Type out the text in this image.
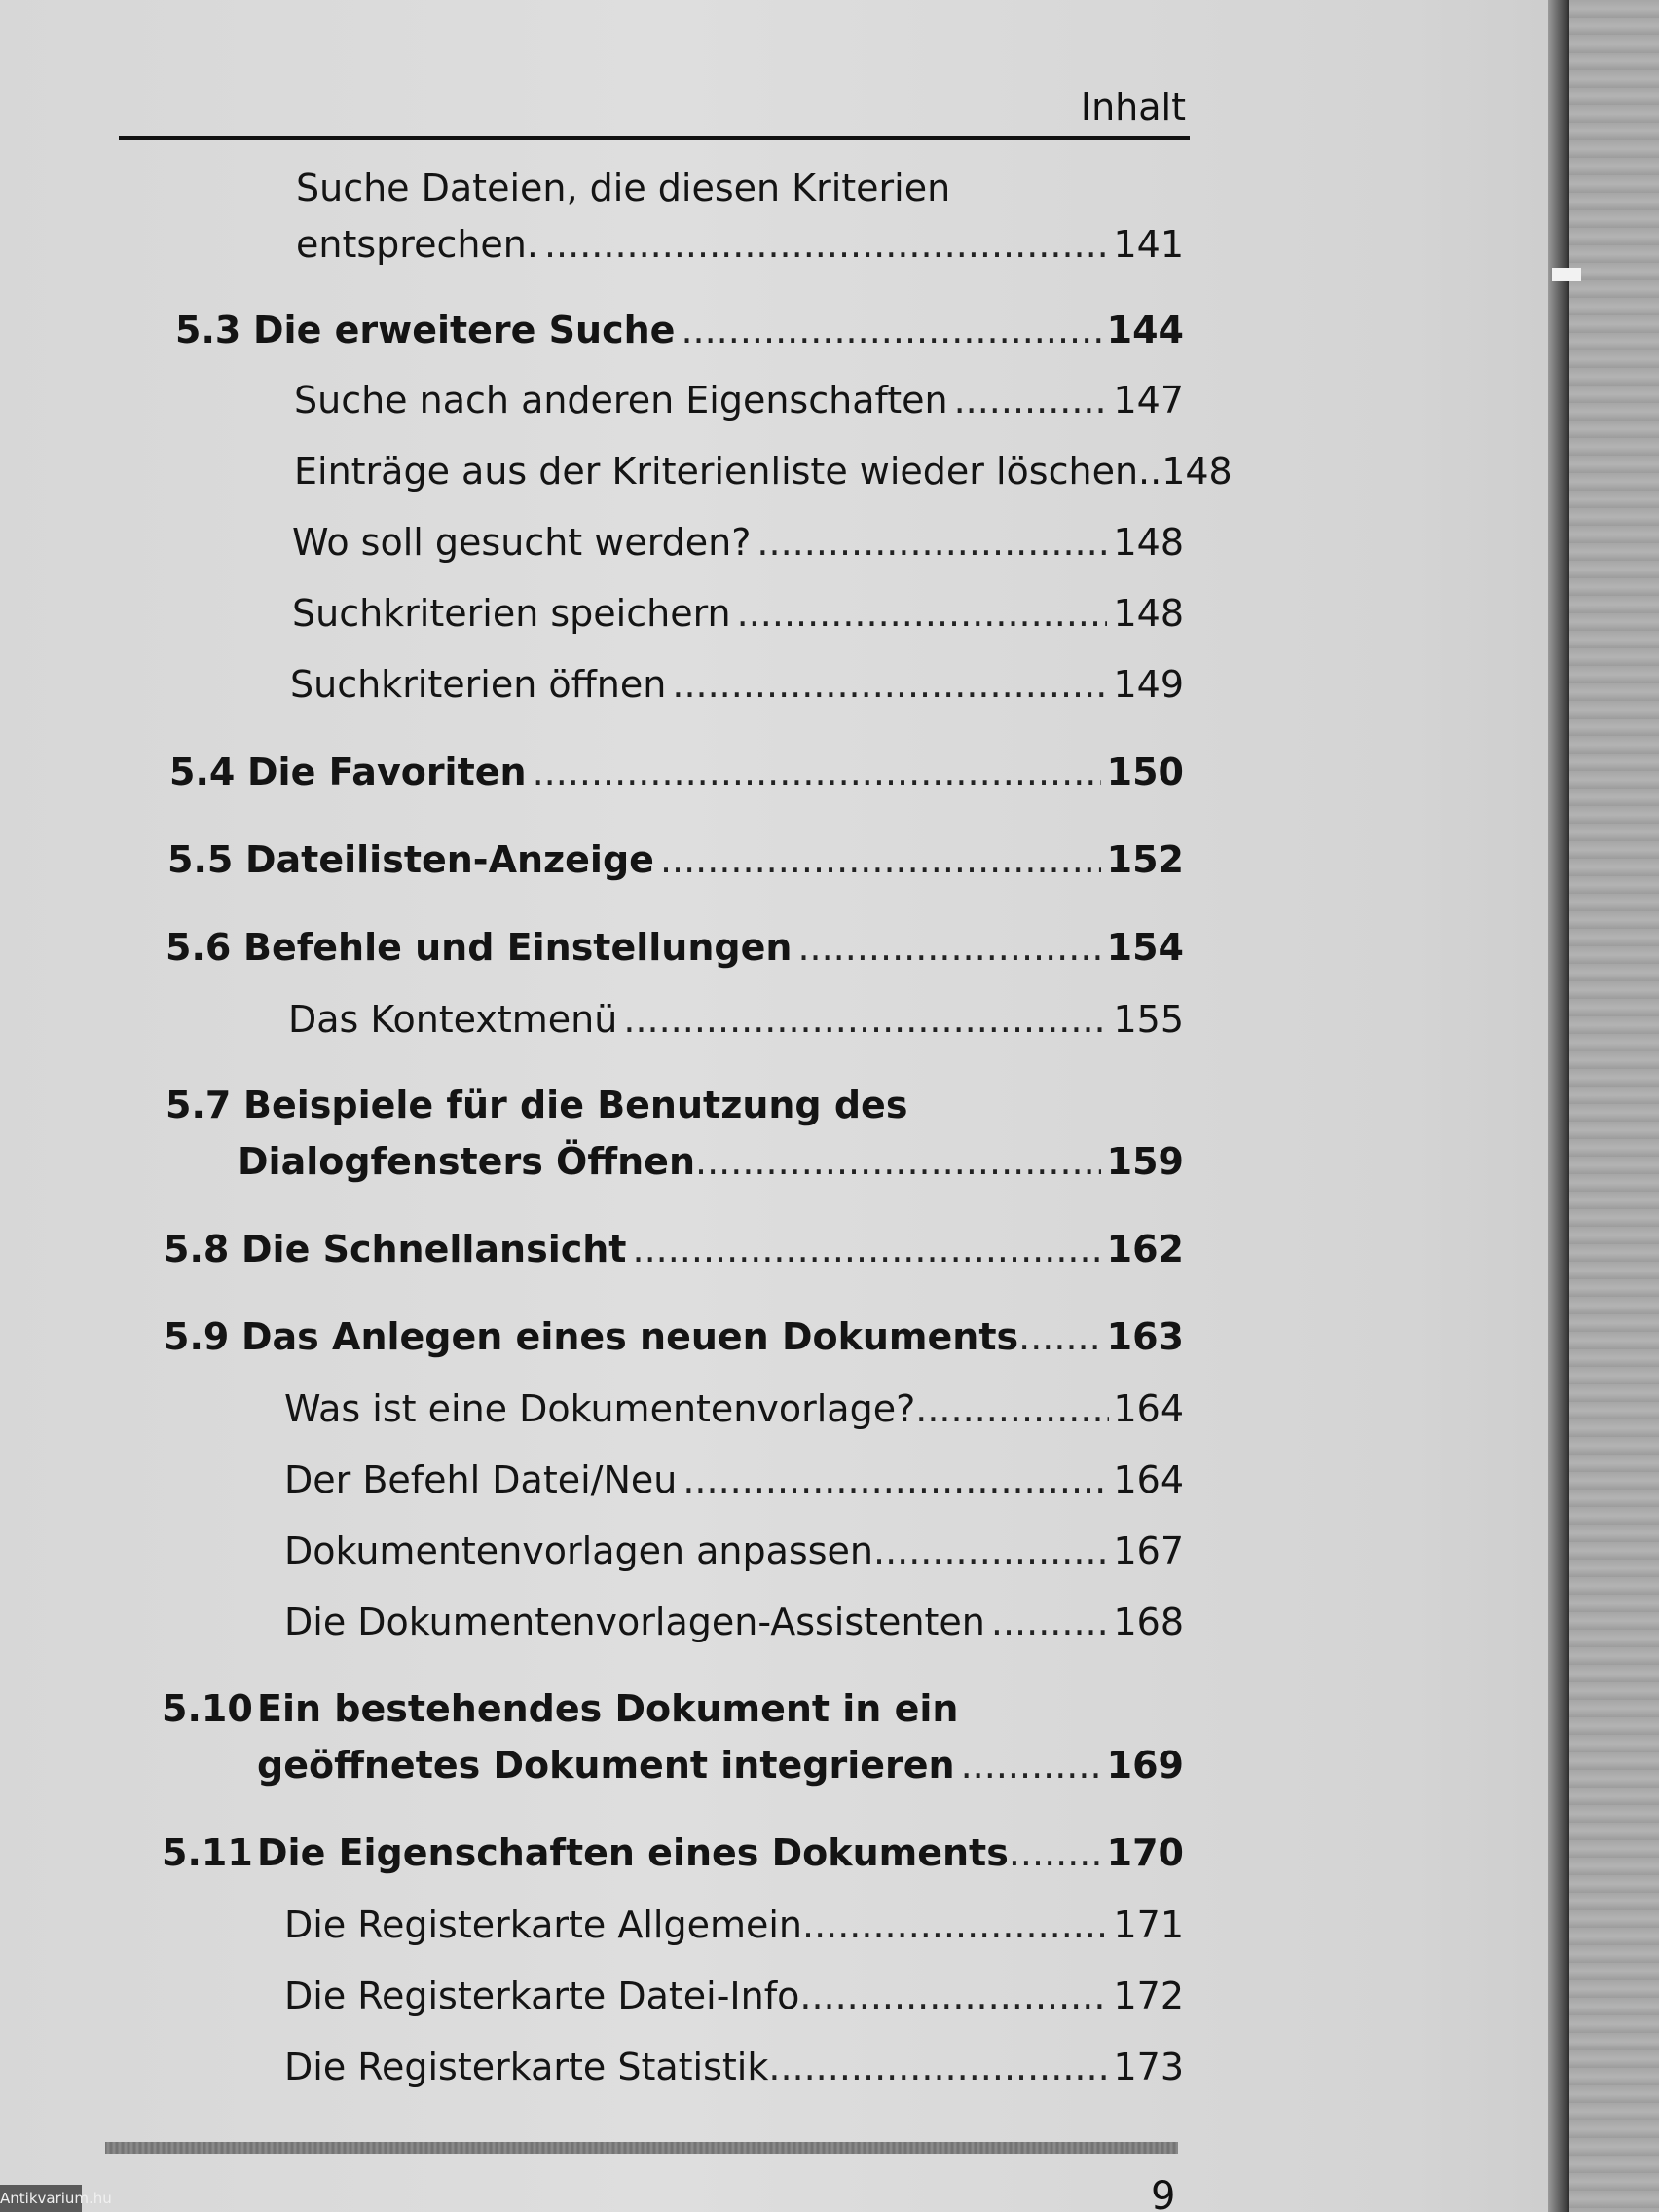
Inhalt
Suche Dateien, die diesen Kriterien
entsprechen. .....	141
5.3 Die erweitere Suche .....	144
Suche nach anderen Eigenschaften .....	147
Einträge aus der Kriterienliste wieder löschen.. 148
Wo soll gesucht werden? .....	148
Suchkriterien speichern .....	148
Suchkriterien öffnen .....	149
5.4 Die Favoriten .....	150
5.5 Dateilisten-Anzeige .....	152
5.6 Befehle und Einstellungen .....	154
Das Kontextmenü .....	155
5.7 Beispiele für die Benutzung des
Dialogfensters Öffnen .....	159
5.8 Die Schnellansicht .....	162
5.9 Das Anlegen eines neuen Dokuments ..... 163
Was ist eine Dokumentenvorlage? .....	164
Der Befehl Datei/Neu .....	164
Dokumentenvorlagen anpassen .....	167
Die Dokumentenvorlagen-Assistenten .....	168
5.10 Ein bestehendes Dokument in ein
geöffnetes Dokument integrieren .....	169
5.11 Die Eigenschaften eines Dokuments .....	170
Die Registerkarte Allgemein .....	171
Die Registerkarte Datei-Info .....	172
Die Registerkarte Statistik .....	173
9
Antikvarium.hu
